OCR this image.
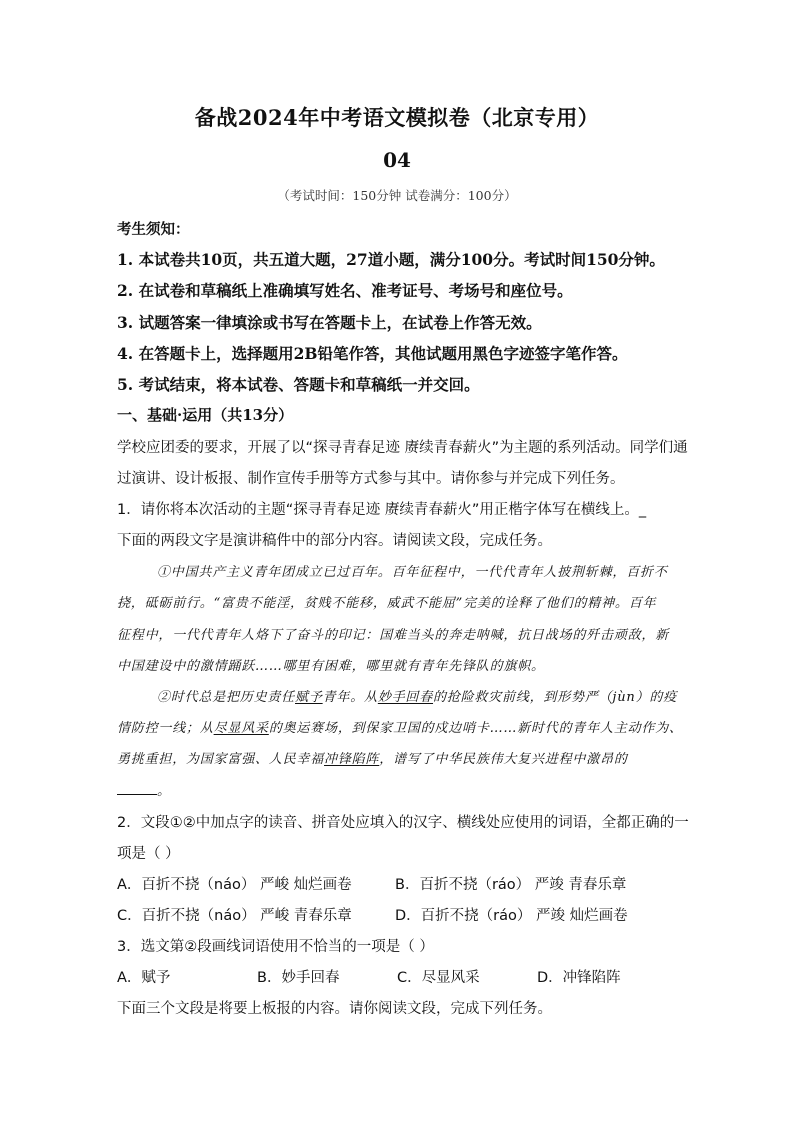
备战2024年中考语文模拟卷（北京专用）
04
（考试时间：150分钟 试卷满分：100分）
考生须知：
1. 本试卷共10页，共五道大题，27道小题，满分100分。考试时间150分钟。
2. 在试卷和草稿纸上准确填写姓名、准考证号、考场号和座位号。
3. 试题答案一律填涂或书写在答题卡上，在试卷上作答无效。
4. 在答题卡上，选择题用2B铅笔作答，其他试题用黑色字迹签字笔作答。
5. 考试结束，将本试卷、答题卡和草稿纸一并交回。
一、基础·运用（共13分）
学校应团委的要求，开展了以“探寻青春足迹 赓续青春薪火”为主题的系列活动。同学们通
过演讲、设计板报、制作宣传手册等方式参与其中。请你参与并完成下列任务。
1．请你将本次活动的主题“探寻青春足迹 赓续青春薪火”用正楷字体写在横线上。_
下面的两段文字是演讲稿件中的部分内容。请阅读文段，完成任务。
①中国共产主义青年团成立已过百年。百年征程中，一代代青年人披荆斩棘，百折不
挠，砥砺前行。“富贵不能淫，贫贱不能移，威武不能屈”完美的诠释了他们的精神。百年
征程中，一代代青年人烙下了奋斗的印记：国难当头的奔走呐喊，抗日战场的歼击顽敌，新
中国建设中的激情踊跃……哪里有困难，哪里就有青年先锋队的旗帜。
②时代总是把历史责任赋予青年。从妙手回春的抢险救灾前线，到形势严（jùn）的疫
情防控一线；从尽显风采的奥运赛场，到保家卫国的戍边哨卡……新时代的青年人主动作为、
勇挑重担，为国家富强、人民幸福冲锋陷阵，谱写了中华民族伟大复兴进程中激昂的
。
2．文段①②中加点字的读音、拼音处应填入的汉字、横线处应使用的词语，全都正确的一
项是（ ）
A．百折不挠（náo） 严峻 灿烂画卷	B．百折不挠（ráo） 严竣 青春乐章
C．百折不挠（náo） 严峻 青春乐章	D．百折不挠（ráo） 严竣 灿烂画卷
3．选文第②段画线词语使用不恰当的一项是（ ）
A．赋予	B．妙手回春	C．尽显风采	D．冲锋陷阵
下面三个文段是将要上板报的内容。请你阅读文段，完成下列任务。
